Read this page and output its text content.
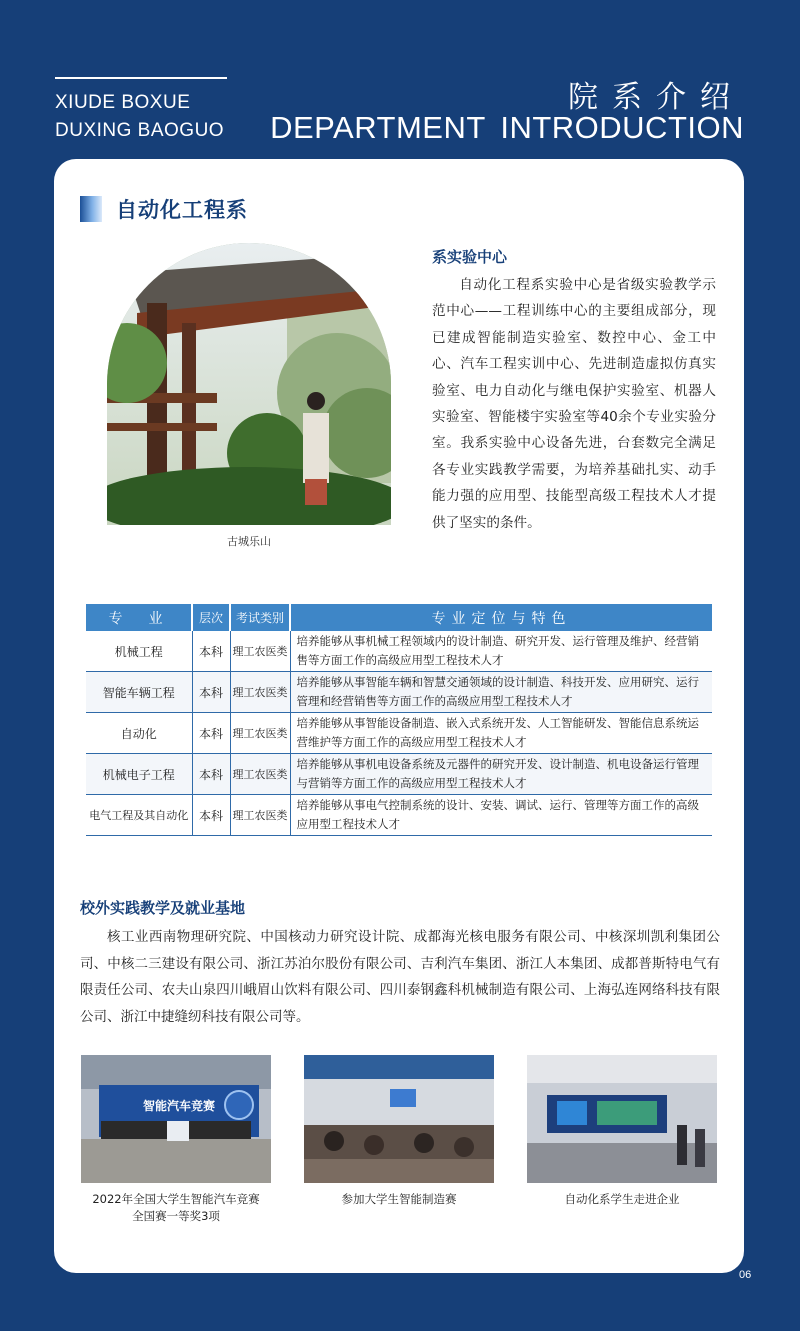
XIUDE BOXUE
DUXING BAOGUO
院系介绍
DEPARTMENT INTRODUCTION
自动化工程系
古城乐山
系实验中心
自动化工程系实验中心是省级实验教学示范中心——工程训练中心的主要组成部分，现已建成智能制造实验室、数控中心、金工中心、汽车工程实训中心、先进制造虚拟仿真实验室、电力自动化与继电保护实验室、机器人实验室、智能楼宇实验室等40余个专业实验分室。我系实验中心设备先进，台套数完全满足各专业实践教学需要，为培养基础扎实、动手能力强的应用型、技能型高级工程技术人才提供了坚实的条件。
专　业	层次	考试类别	专业定位与特色
机械工程	本科	理工农医类	培养能够从事机械工程领域内的设计制造、研究开发、运行管理及维护、经营销售等方面工作的高级应用型工程技术人才
智能车辆工程	本科	理工农医类	培养能够从事智能车辆和智慧交通领域的设计制造、科技开发、应用研究、运行管理和经营销售等方面工作的高级应用型工程技术人才
自动化	本科	理工农医类	培养能够从事智能设备制造、嵌入式系统开发、人工智能研发、智能信息系统运营维护等方面工作的高级应用型工程技术人才
机械电子工程	本科	理工农医类	培养能够从事机电设备系统及元器件的研究开发、设计制造、机电设备运行管理与营销等方面工作的高级应用型工程技术人才
电气工程及其自动化	本科	理工农医类	培养能够从事电气控制系统的设计、安装、调试、运行、管理等方面工作的高级应用型工程技术人才
校外实践教学及就业基地
核工业西南物理研究院、中国核动力研究设计院、成都海光核电服务有限公司、中核深圳凯利集团公司、中核二三建设有限公司、浙江苏泊尔股份有限公司、吉利汽车集团、浙江人本集团、成都普斯特电气有限责任公司、农夫山泉四川峨眉山饮料有限公司、四川泰钢鑫科机械制造有限公司、上海弘连网络科技有限公司、浙江中捷缝纫科技有限公司等。
智能汽车竞赛
2022年全国大学生智能汽车竞赛
全国赛一等奖3项
参加大学生智能制造赛	自动化系学生走进企业
06
